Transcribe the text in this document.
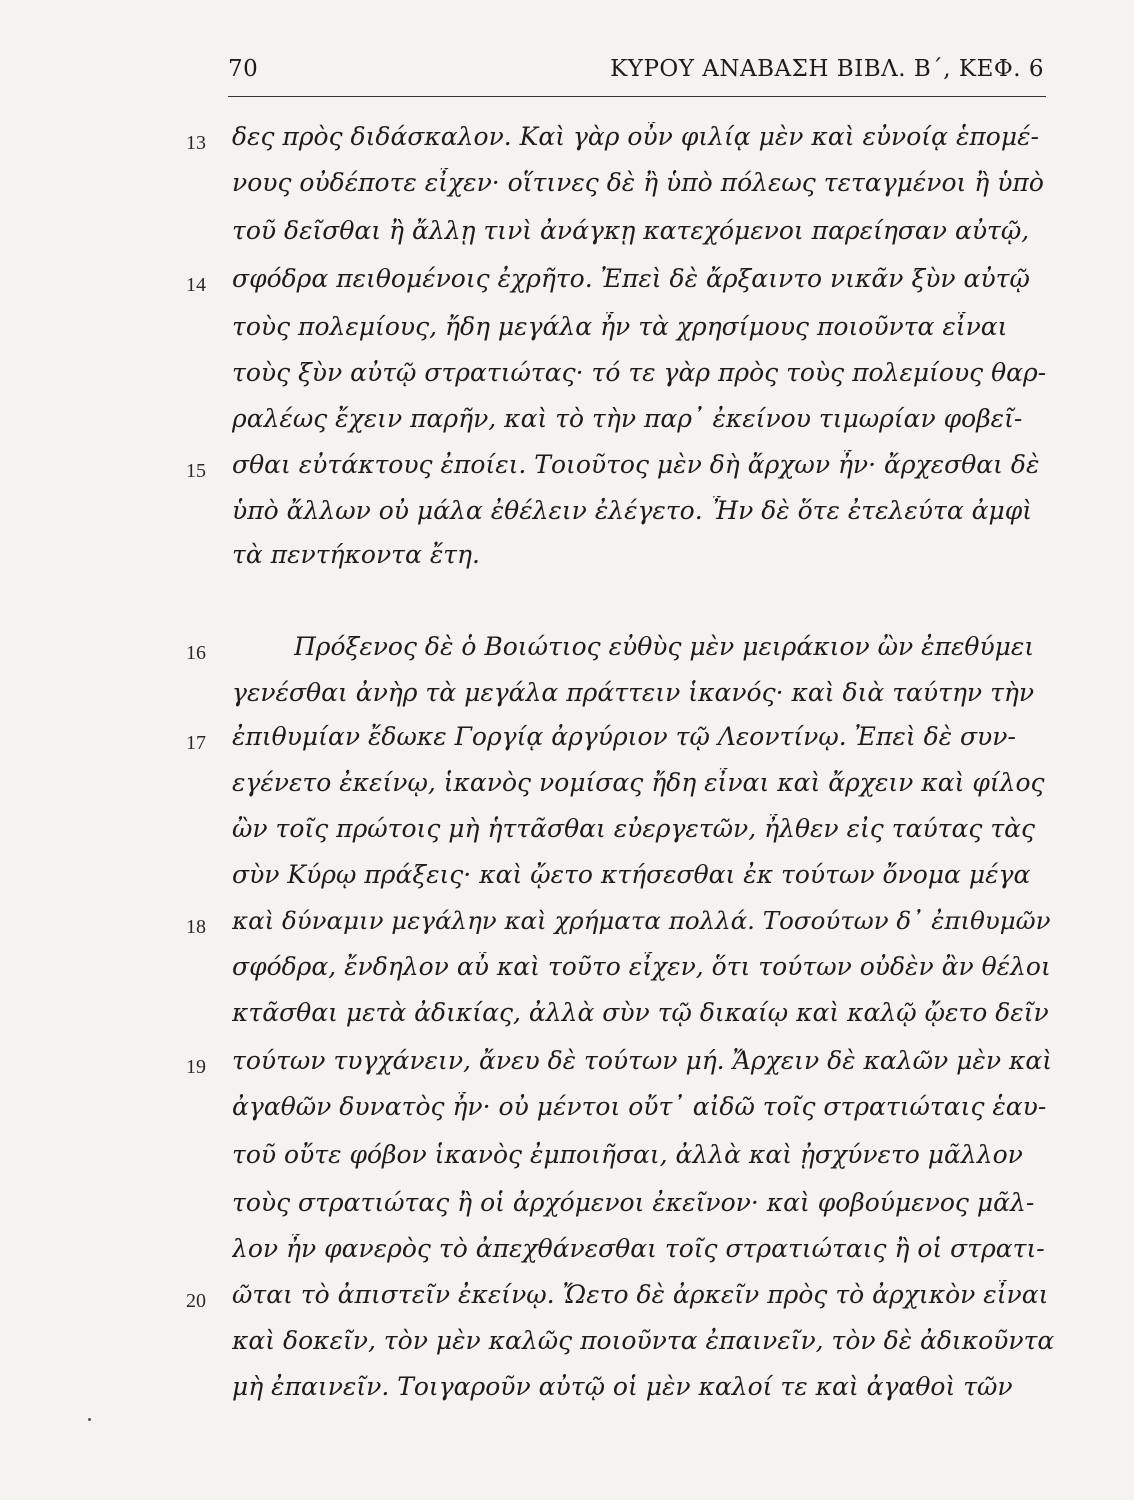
70	ΚΥΡΟΥ ΑΝΑΒΑΣΗ ΒΙΒΛ. Β΄, ΚΕΦ. 6
13 δες πρὸς διδάσκαλον. Καὶ γὰρ οὖν φιλίᾳ μὲν καὶ εὐνοίᾳ ἑπομέ-
νους οὐδέποτε εἶχεν· οἵτινες δὲ ἢ ὑπὸ πόλεως τεταγμένοι ἢ ὑπὸ
τοῦ δεῖσθαι ἢ ἄλλῃ τινὶ ἀνάγκῃ κατεχόμενοι παρείησαν αὐτῷ,
14 σφόδρα πειθομένοις ἐχρῆτο. Ἐπεὶ δὲ ἄρξαιντο νικᾶν ξὺν αὐτῷ
τοὺς πολεμίους, ἤδη μεγάλα ἦν τὰ χρησίμους ποιοῦντα εἶναι
τοὺς ξὺν αὐτῷ στρατιώτας· τό τε γὰρ πρὸς τοὺς πολεμίους θαρ-
ραλέως ἔχειν παρῆν, καὶ τὸ τὴν παρ᾽ ἐκείνου τιμωρίαν φοβεῖ-
15 σθαι εὐτάκτους ἐποίει. Τοιοῦτος μὲν δὴ ἄρχων ἦν· ἄρχεσθαι δὲ
ὑπὸ ἄλλων οὐ μάλα ἐθέλειν ἐλέγετο. Ἦν δὲ ὅτε ἐτελεύτα ἀμφὶ
τὰ πεντήκοντα ἔτη.
16	Πρόξενος δὲ ὁ Βοιώτιος εὐθὺς μὲν μειράκιον ὢν ἐπεθύμει
γενέσθαι ἀνὴρ τὰ μεγάλα πράττειν ἱκανός· καὶ διὰ ταύτην τὴν
17 ἐπιθυμίαν ἔδωκε Γοργίᾳ ἀργύριον τῷ Λεοντίνῳ. Ἐπεὶ δὲ συν-
εγένετο ἐκείνῳ, ἱκανὸς νομίσας ἤδη εἶναι καὶ ἄρχειν καὶ φίλος
ὢν τοῖς πρώτοις μὴ ἡττᾶσθαι εὐεργετῶν, ἦλθεν εἰς ταύτας τὰς
σὺν Κύρῳ πράξεις· καὶ ᾤετο κτήσεσθαι ἐκ τούτων ὄνομα μέγα
18 καὶ δύναμιν μεγάλην καὶ χρήματα πολλά. Τοσούτων δ᾽ ἐπιθυμῶν
σφόδρα, ἔνδηλον αὖ καὶ τοῦτο εἶχεν, ὅτι τούτων οὐδὲν ἂν θέλοι
κτᾶσθαι μετὰ ἀδικίας, ἀλλὰ σὺν τῷ δικαίῳ καὶ καλῷ ᾤετο δεῖν
19 τούτων τυγχάνειν, ἄνευ δὲ τούτων μή. Ἄρχειν δὲ καλῶν μὲν καὶ
ἀγαθῶν δυνατὸς ἦν· οὐ μέντοι οὔτ᾽ αἰδῶ τοῖς στρατιώταις ἑαυ-
τοῦ οὔτε φόβον ἱκανὸς ἐμποιῆσαι, ἀλλὰ καὶ ᾐσχύνετο μᾶλλον
τοὺς στρατιώτας ἢ οἱ ἀρχόμενοι ἐκεῖνον· καὶ φοβούμενος μᾶλ-
λον ἦν φανερὸς τὸ ἀπεχθάνεσθαι τοῖς στρατιώταις ἢ οἱ στρατι-
20 ῶται τὸ ἀπιστεῖν ἐκείνῳ. Ὤετο δὲ ἀρκεῖν πρὸς τὸ ἀρχικὸν εἶναι
καὶ δοκεῖν, τὸν μὲν καλῶς ποιοῦντα ἐπαινεῖν, τὸν δὲ ἀδικοῦντα
μὴ ἐπαινεῖν. Τοιγαροῦν αὐτῷ οἱ μὲν καλοί τε καὶ ἀγαθοὶ τῶν
